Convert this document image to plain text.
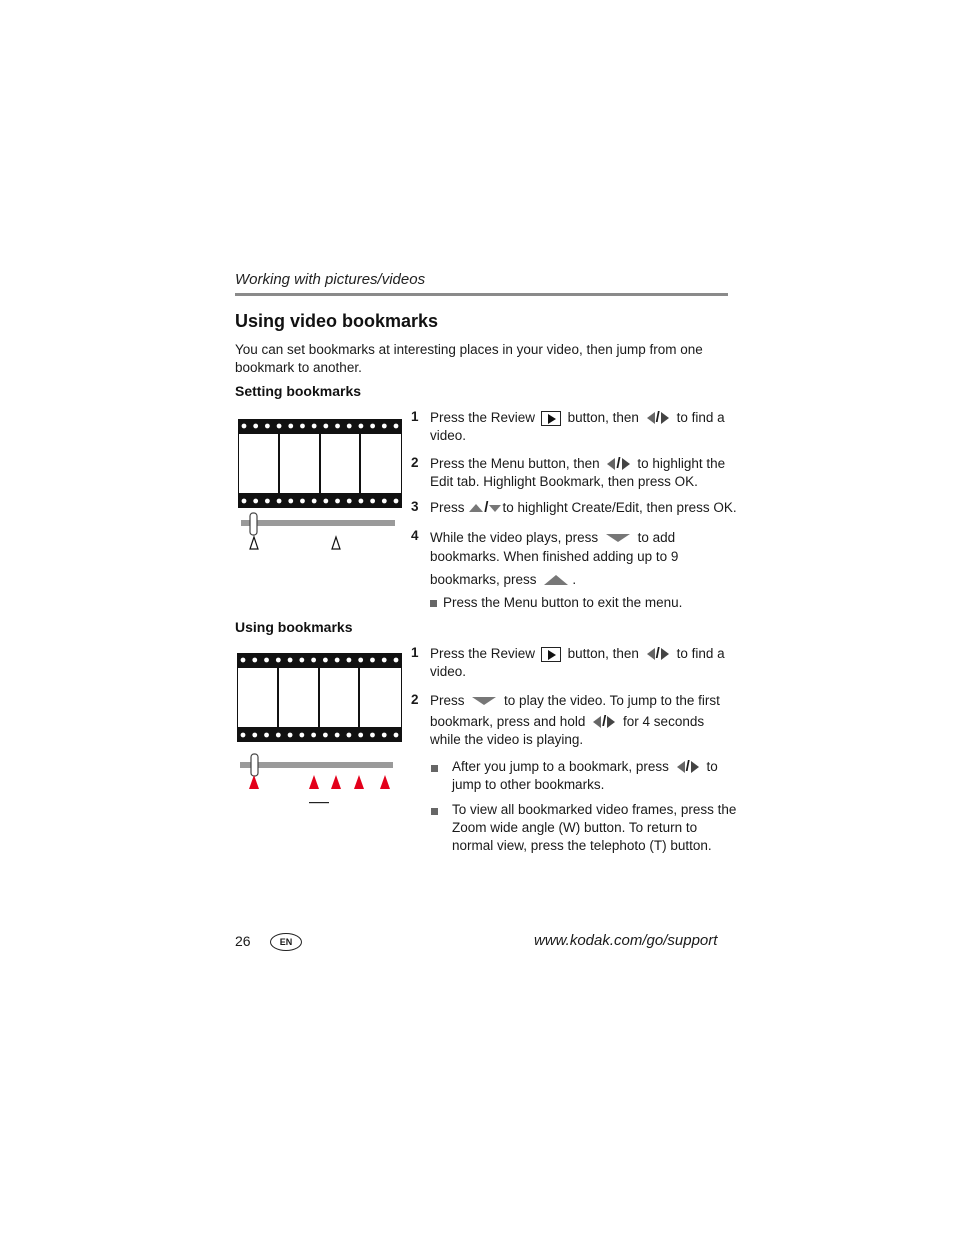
Working with pictures/videos
Using video bookmarks
You can set bookmarks at interesting places in your video, then jump from one bookmark to another.
Setting bookmarks
1 Press the Review button, then / to find a
video.
2 Press the Menu button, then / to highlight the
Edit tab. Highlight Bookmark, then press OK.
3 Press / to highlight Create/Edit, then press OK.
4 While the video plays, press	to add
bookmarks. When finished adding up to 9
bookmarks, press	.
Press the Menu button to exit the menu.
Using bookmarks
1 Press the Review button, then / to find a
video.
2 Press	to play the video. To jump to the first
bookmark, press and hold / for 4 seconds
while the video is playing.
After you jump to a bookmark, press / to
jump to other bookmarks.
To view all bookmarked video frames, press the
Zoom wide angle (W) button. To return to
normal view, press the telephoto (T) button.
26	EN	www.kodak.com/go/support
